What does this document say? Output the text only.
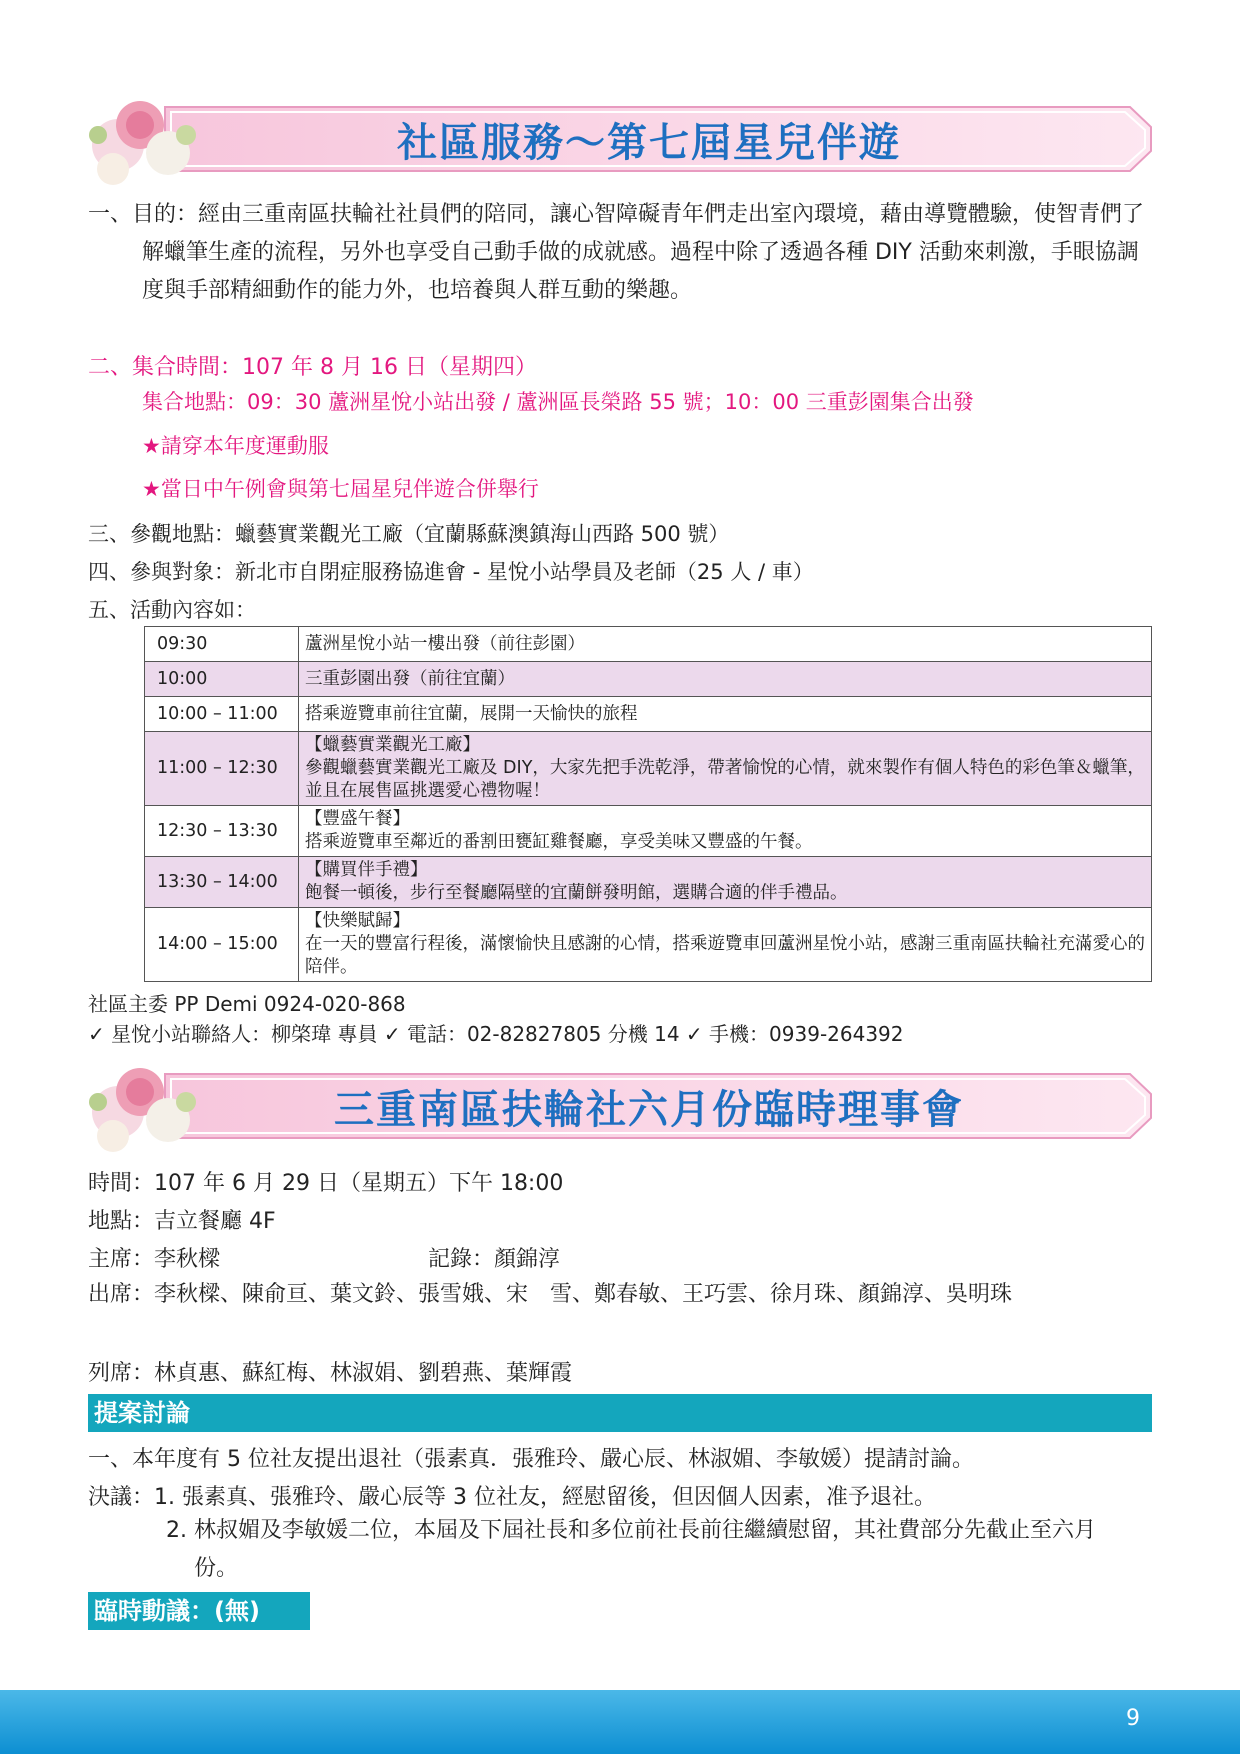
社區服務～第七屆星兒伴遊
一、目的：經由三重南區扶輪社社員們的陪同，讓心智障礙青年們走出室內環境，藉由導覽體驗，使智青們了解蠟筆生產的流程，另外也享受自己動手做的成就感。過程中除了透過各種 DIY 活動來刺激，手眼協調度與手部精細動作的能力外，也培養與人群互動的樂趣。
二、集合時間：107 年 8 月 16 日（星期四）
集合地點：09：30 蘆洲星悅小站出發 / 蘆洲區長榮路 55 號；10：00 三重彭園集合出發
★請穿本年度運動服
★當日中午例會與第七屆星兒伴遊合併舉行
三、參觀地點：蠟藝實業觀光工廠（宜蘭縣蘇澳鎮海山西路 500 號）
四、參與對象：新北市自閉症服務協進會 - 星悅小站學員及老師（25 人 / 車）
五、活動內容如：
09:30	蘆洲星悅小站一樓出發（前往彭園）
10:00	三重彭園出發（前往宜蘭）
10:00 – 11:00	搭乘遊覽車前往宜蘭，展開一天愉快的旅程
11:00 – 12:30	【蠟藝實業觀光工廠】
參觀蠟藝實業觀光工廠及 DIY，大家先把手洗乾淨，帶著愉悅的心情，就來製作有個人特色的彩色筆＆蠟筆，並且在展售區挑選愛心禮物喔！

12:30 – 13:30	【豐盛午餐】
搭乘遊覽車至鄰近的番割田甕缸雞餐廳，享受美味又豐盛的午餐。

13:30 – 14:00	【購買伴手禮】
飽餐一頓後，步行至餐廳隔壁的宜蘭餅發明館，選購合適的伴手禮品。

14:00 – 15:00	【快樂賦歸】
在一天的豐富行程後，滿懷愉快且感謝的心情，搭乘遊覽車回蘆洲星悅小站，感謝三重南區扶輪社充滿愛心的陪伴。
社區主委 PP Demi 0924-020-868
✓ 星悅小站聯絡人：柳棨瑋 專員 ✓ 電話：02-82827805 分機 14 ✓ 手機：0939-264392
三重南區扶輪社六月份臨時理事會
時間：107 年 6 月 29 日（星期五）下午 18:00
地點：吉立餐廳 4F
主席：李秋樑	記錄：顏錦淳
出席：李秋樑、陳俞亘、葉文鈴、張雪娥、宋　雪、鄭春敏、王巧雲、徐月珠、顏錦淳、吳明珠
列席：林貞惠、蘇紅梅、林淑娟、劉碧燕、葉輝霞
提案討論
一、本年度有 5 位社友提出退社（張素真．張雅玲、嚴心辰、林淑媚、李敏媛）提請討論。
決議：1. 張素真、張雅玲、嚴心辰等 3 位社友，經慰留後，但因個人因素，准予退社。
2. 林叔媚及李敏媛二位，本屆及下屆社長和多位前社長前往繼續慰留，其社費部分先截止至六月份。
臨時動議：(無)
9
